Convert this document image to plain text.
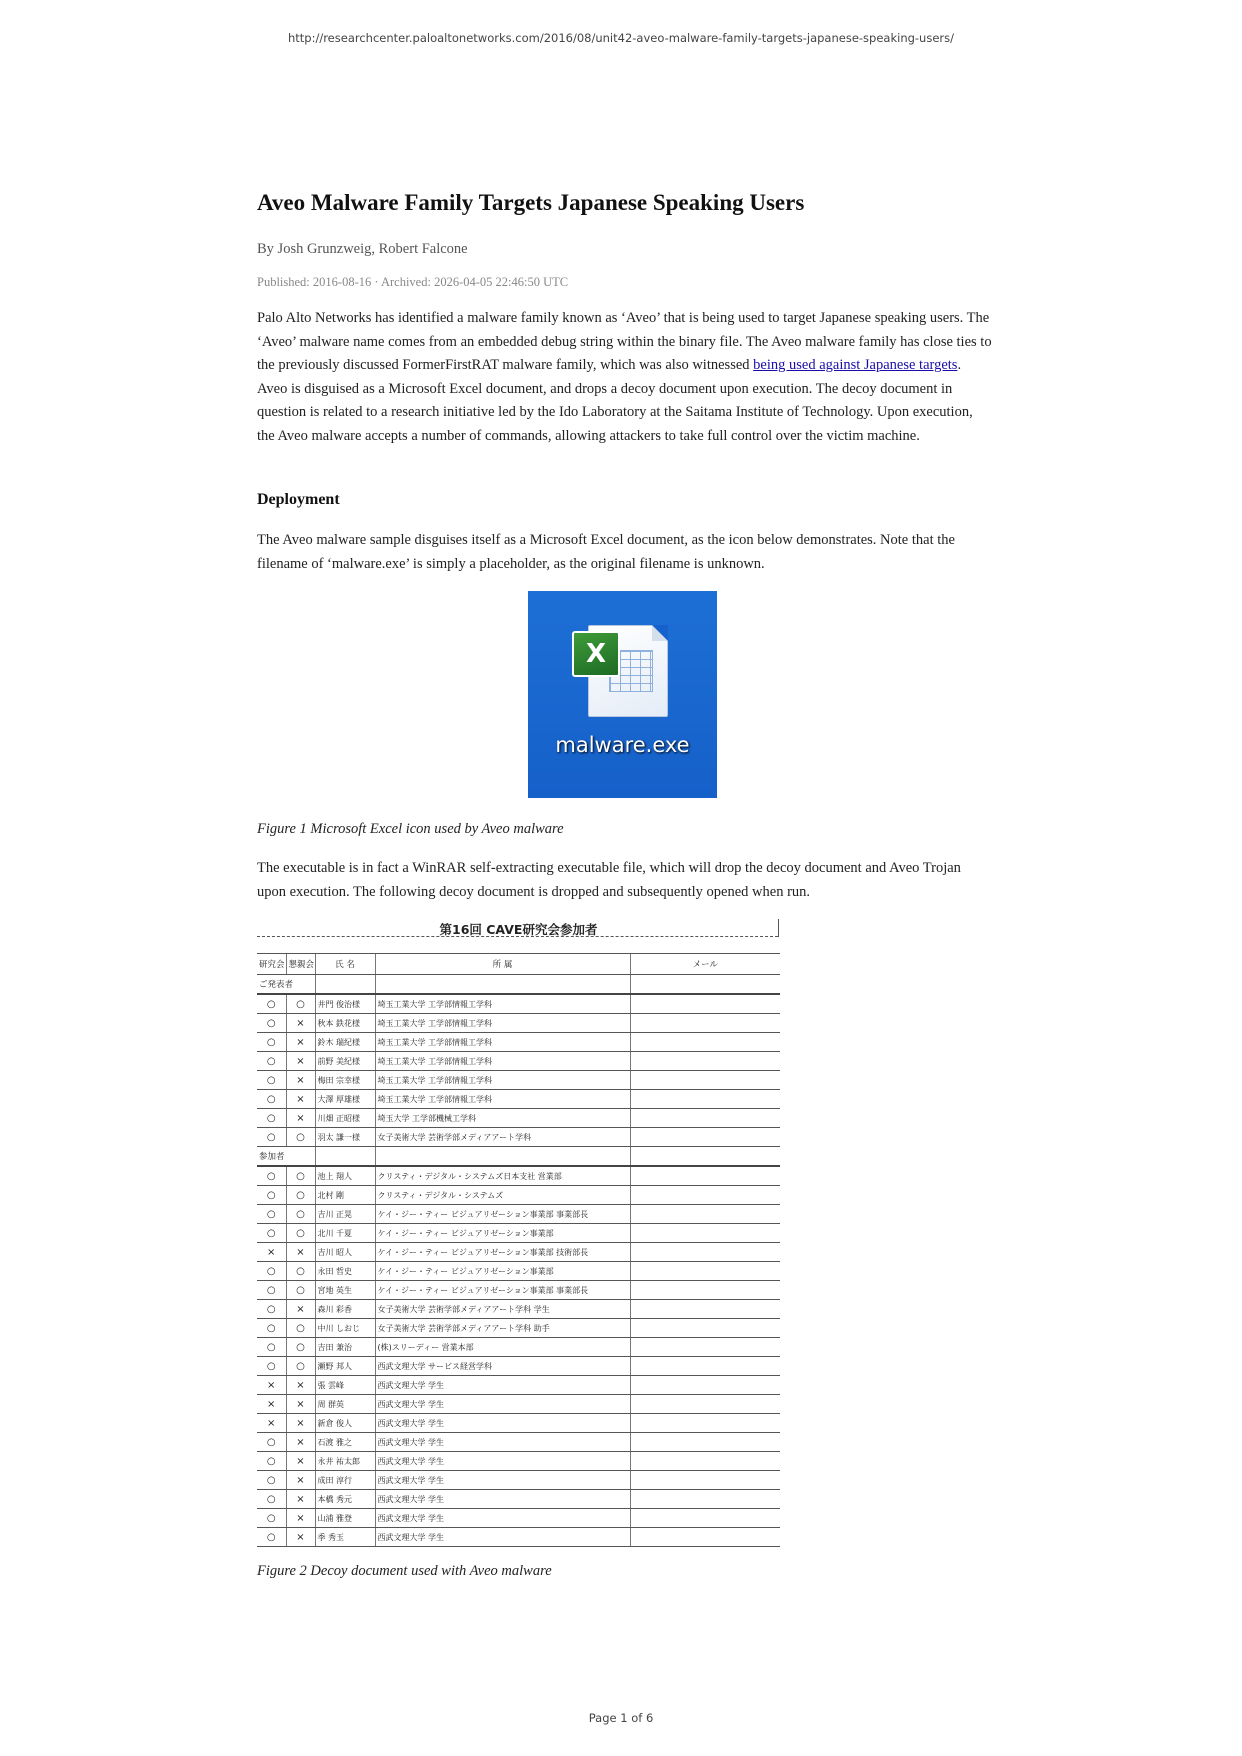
http://researchcenter.paloaltonetworks.com/2016/08/unit42-aveo-malware-family-targets-japanese-speaking-users/
Aveo Malware Family Targets Japanese Speaking Users
By Josh Grunzweig, Robert Falcone
Published: 2016-08-16 · Archived: 2026-04-05 22:46:50 UTC

Palo Alto Networks has identified a malware family known as ‘Aveo’ that is being used to target Japanese speaking users. The ‘Aveo’ malware name comes from an embedded debug string within the binary file. The Aveo malware family has close ties to the previously discussed FormerFirstRAT malware family, which was also witnessed being used against Japanese targets. Aveo is disguised as a Microsoft Excel document, and drops a decoy document upon execution. The decoy document in question is related to a research initiative led by the Ido Laboratory at the Saitama Institute of Technology. Upon execution, the Aveo malware accepts a number of commands, allowing attackers to take full control over the victim machine.

Deployment

The Aveo malware sample disguises itself as a Microsoft Excel document, as the icon below demonstrates. Note that the filename of ‘malware.exe’ is simply a placeholder, as the original filename is unknown.

X
malware.exe
Figure 1 Microsoft Excel icon used by Aveo malware

The executable is in fact a WinRAR self-extracting executable file, which will drop the decoy document and Aveo Trojan upon execution. The following decoy document is dropped and subsequently opened when run.

第16回 CAVE研究会参加者
研究会	懇親会	氏 名	所 属	メール
ご発表者				
○	○	井門 俊治様	埼玉工業大学 工学部情報工学科	
○	×	秋本 鉄花様	埼玉工業大学 工学部情報工学科	
○	×	鈴木 瑞紀様	埼玉工業大学 工学部情報工学科	
○	×	前野 美紀様	埼玉工業大学 工学部情報工学科	
○	×	梅田 宗幸様	埼玉工業大学 工学部情報工学科	
○	×	大澤 厚雄様	埼玉工業大学 工学部情報工学科	
○	×	川畑 正昭様	埼玉大学 工学部機械工学科	
○	○	羽太 謙一様	女子美術大学 芸術学部メディアアート学科	
参加者				
○	○	池上 翔人	クリスティ・デジタル・システムズ日本支社 営業部	
○	○	北村 剛	クリスティ・デジタル・システムズ	
○	○	吉川 正晃	ケイ・ジー・ティー ビジュアリゼーション事業部 事業部長	
○	○	北川 千夏	ケイ・ジー・ティー ビジュアリゼーション事業部	
×	×	吉川 昭人	ケイ・ジー・ティー ビジュアリゼーション事業部 技術部長	
○	○	永田 哲史	ケイ・ジー・ティー ビジュアリゼーション事業部	
○	○	宮地 英生	ケイ・ジー・ティー ビジュアリゼーション事業部 事業部長	
○	×	森川 彩香	女子美術大学 芸術学部メディアアート学科 学生	
○	○	中川 しおじ	女子美術大学 芸術学部メディアアート学科 助手	
○	○	吉田 兼治	(株)スリーディー 営業本部	
○	○	瀬野 邦人	西武文理大学 サービス経営学科	
×	×	張 雲峰	西武文理大学 学生	
×	×	周 群英	西武文理大学 学生	
×	×	新倉 俊人	西武文理大学 学生	
○	×	石渡 雅之	西武文理大学 学生	
○	×	永井 祐太郎	西武文理大学 学生	
○	×	成田 淳行	西武文理大学 学生	
○	×	本橋 秀元	西武文理大学 学生	
○	×	山浦 雅登	西武文理大学 学生	
○	×	季 秀玉	西武文理大学 学生	
Figure 2 Decoy document used with Aveo malware
Page 1 of 6
